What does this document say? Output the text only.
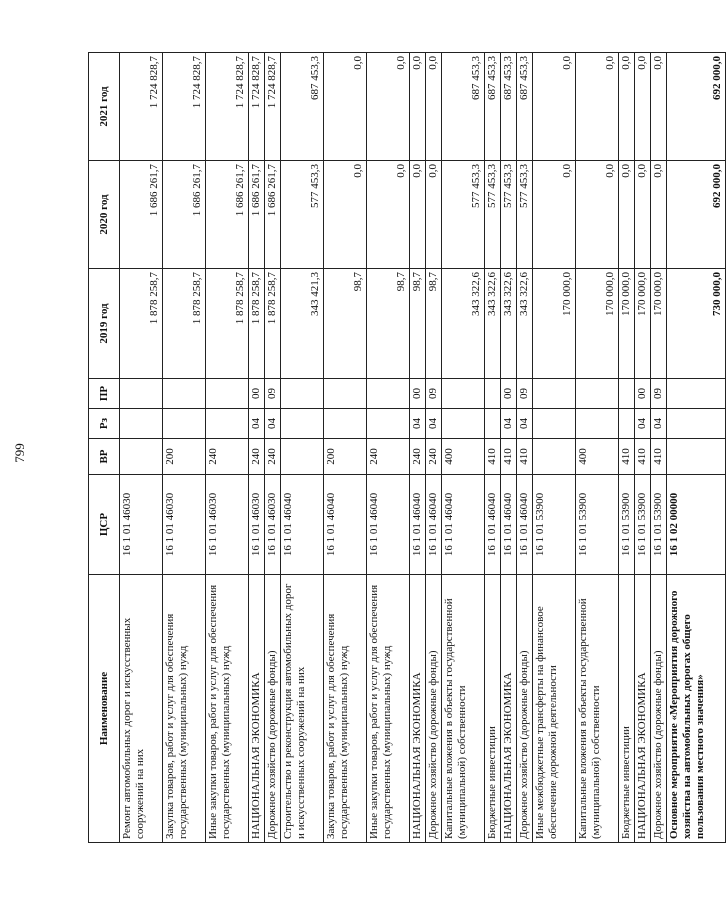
799
Наименование	ЦСР	ВР	Рз	ПР	2019 год	2020 год	2021 год
Ремонт автомобильных дорог и искусственных сооружений на них	16 1 01 46030				1 878 258,7	1 686 261,7	1 724 828,7
Закупка товаров, работ и услуг для обеспечения государственных (муниципальных) нужд	16 1 01 46030	200			1 878 258,7	1 686 261,7	1 724 828,7
Иные закупки товаров, работ и услуг для обеспечения государственных (муниципальных) нужд	16 1 01 46030	240			1 878 258,7	1 686 261,7	1 724 828,7
НАЦИОНАЛЬНАЯ ЭКОНОМИКА	16 1 01 46030	240	04	00	1 878 258,7	1 686 261,7	1 724 828,7
Дорожное хозяйство (дорожные фонды)	16 1 01 46030	240	04	09	1 878 258,7	1 686 261,7	1 724 828,7
Строительство и реконструкция автомобильных дорог и искусственных сооружений на них	16 1 01 46040				343 421,3	577 453,3	687 453,3
Закупка товаров, работ и услуг для обеспечения государственных (муниципальных) нужд	16 1 01 46040	200			98,7	0,0	0,0
Иные закупки товаров, работ и услуг для обеспечения государственных (муниципальных) нужд	16 1 01 46040	240			98,7	0,0	0,0
НАЦИОНАЛЬНАЯ ЭКОНОМИКА	16 1 01 46040	240	04	00	98,7	0,0	0,0
Дорожное хозяйство (дорожные фонды)	16 1 01 46040	240	04	09	98,7	0,0	0,0
Капитальные вложения в объекты государственной (муниципальной) собственности	16 1 01 46040	400			343 322,6	577 453,3	687 453,3
Бюджетные инвестиции	16 1 01 46040	410			343 322,6	577 453,3	687 453,3
НАЦИОНАЛЬНАЯ ЭКОНОМИКА	16 1 01 46040	410	04	00	343 322,6	577 453,3	687 453,3
Дорожное хозяйство (дорожные фонды)	16 1 01 46040	410	04	09	343 322,6	577 453,3	687 453,3
Иные межбюджетные трансферты на финансовое обеспечение дорожной деятельности	16 1 01 53900				170 000,0	0,0	0,0
Капитальные вложения в объекты государственной (муниципальной) собственности	16 1 01 53900	400			170 000,0	0,0	0,0
Бюджетные инвестиции	16 1 01 53900	410			170 000,0	0,0	0,0
НАЦИОНАЛЬНАЯ ЭКОНОМИКА	16 1 01 53900	410	04	00	170 000,0	0,0	0,0
Дорожное хозяйство (дорожные фонды)	16 1 01 53900	410	04	09	170 000,0	0,0	0,0
Основное мероприятие «Мероприятия дорожного хозяйства на автомобильных дорогах общего пользования местного значения»	16 1 02 00000				730 000,0	692 000,0	692 000,0
